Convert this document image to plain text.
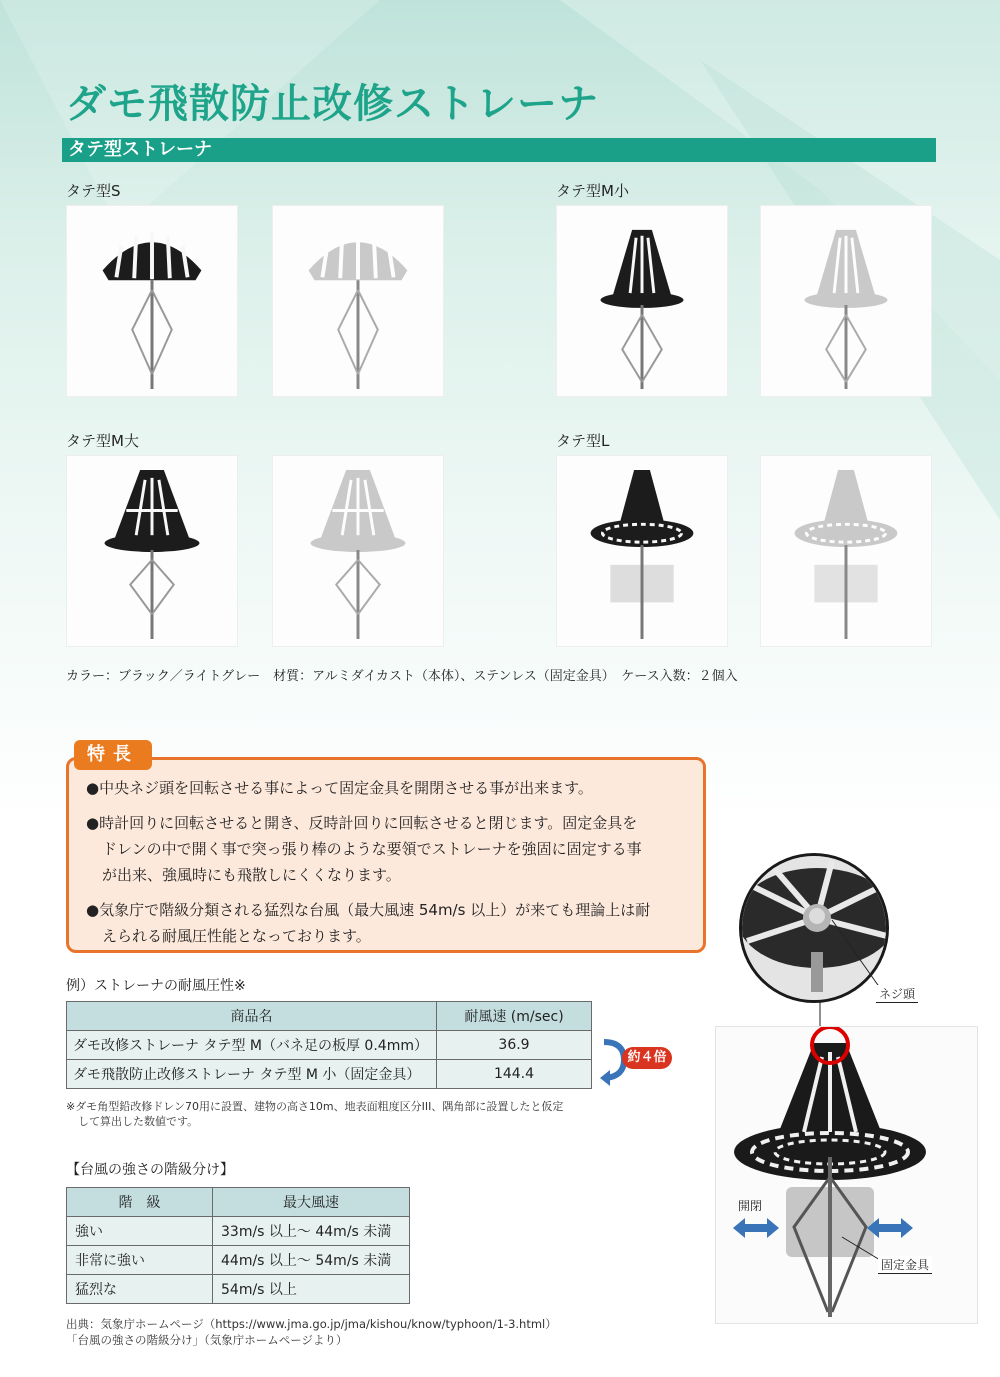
ダモ飛散防止改修ストレーナ
タテ型ストレーナ
タテ型S	タテ型M小
タテ型M大	タテ型L
カラー：ブラック／ライトグレー　材質：アルミダイカスト（本体）、ステンレス（固定金具）　ケース入数：２個入
特長
●中央ネジ頭を回転させる事によって固定金具を開閉させる事が出来ます。
●時計回りに回転させると開き、反時計回りに回転させると閉じます。固定金具を
ドレンの中で開く事で突っ張り棒のような要領でストレーナを強固に固定する事
が出来、強風時にも飛散しにくくなります。
●気象庁で階級分類される猛烈な台風（最大風速 54m/s 以上）が来ても理論上は耐
えられる耐風圧性能となっております。
例）ストレーナの耐風圧性※
商品名	耐風速 (m/sec)
ダモ改修ストレーナ タテ型 M（バネ足の板厚 0.4mm）	36.9
ダモ飛散防止改修ストレーナ タテ型 M 小（固定金具）	144.4
約４倍
※ダモ角型鉛改修ドレン70用に設置、建物の高さ10m、地表面粗度区分III、隅角部に設置したと仮定
して算出した数値です。
【台風の強さの階級分け】
階　級	最大風速
強い	33m/s 以上～ 44m/s 未満
非常に強い	44m/s 以上～ 54m/s 未満
猛烈な	54m/s 以上
出典：気象庁ホームページ（https://www.jma.go.jp/jma/kishou/know/typhoon/1-3.html）
「台風の強さの階級分け」（気象庁ホームページより）
ネジ頭
開閉
固定金具
